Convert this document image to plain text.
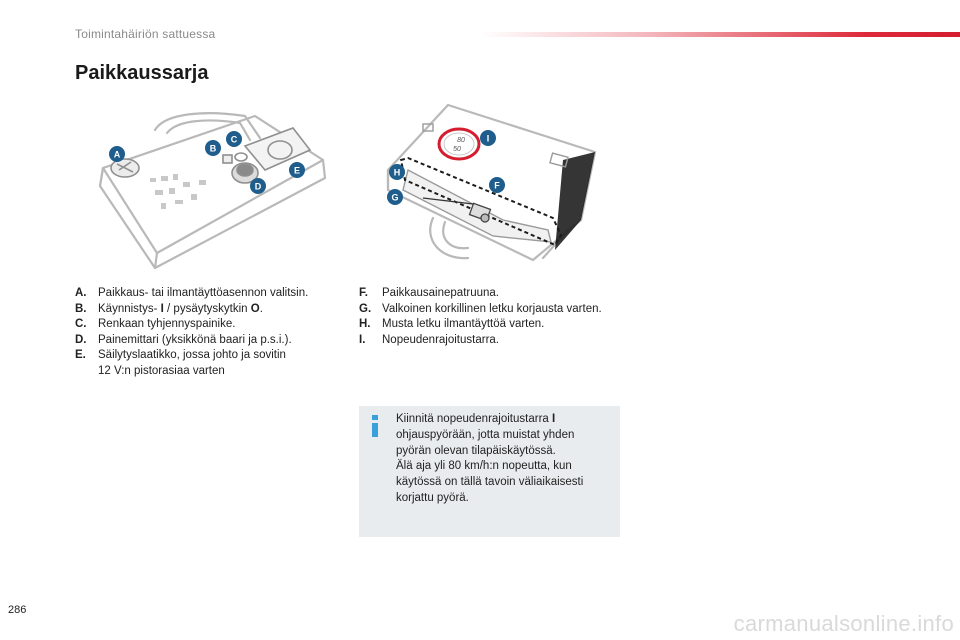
Toimintahäiriön sattuessa
Paikkaussarja
A
B
C
D
E
80
50
I
H
F
G
A.	Paikkaus- tai ilmantäyttöasennon valitsin.
B.	Käynnistys- I / pysäytyskytkin O.
C.	Renkaan tyhjennyspainike.
D.	Painemittari (yksikkönä baari ja p.s.i.).
E.	Säilytyslaatikko, jossa johto ja sovitin 12 V:n pistorasiaa varten
F.	Paikkausainepatruuna.
G. Valkoinen korkillinen letku korjausta varten.
H.	Musta letku ilmantäyttöä varten.
I.	Nopeudenrajoitustarra.
Kiinnitä nopeudenrajoitustarra I
ohjauspyörään, jotta muistat yhden
pyörän olevan tilapäiskäytössä.
Älä aja yli 80 km/h:n nopeutta, kun
käytössä on tällä tavoin väliaikaisesti
korjattu pyörä.
286
carmanualsonline.info
